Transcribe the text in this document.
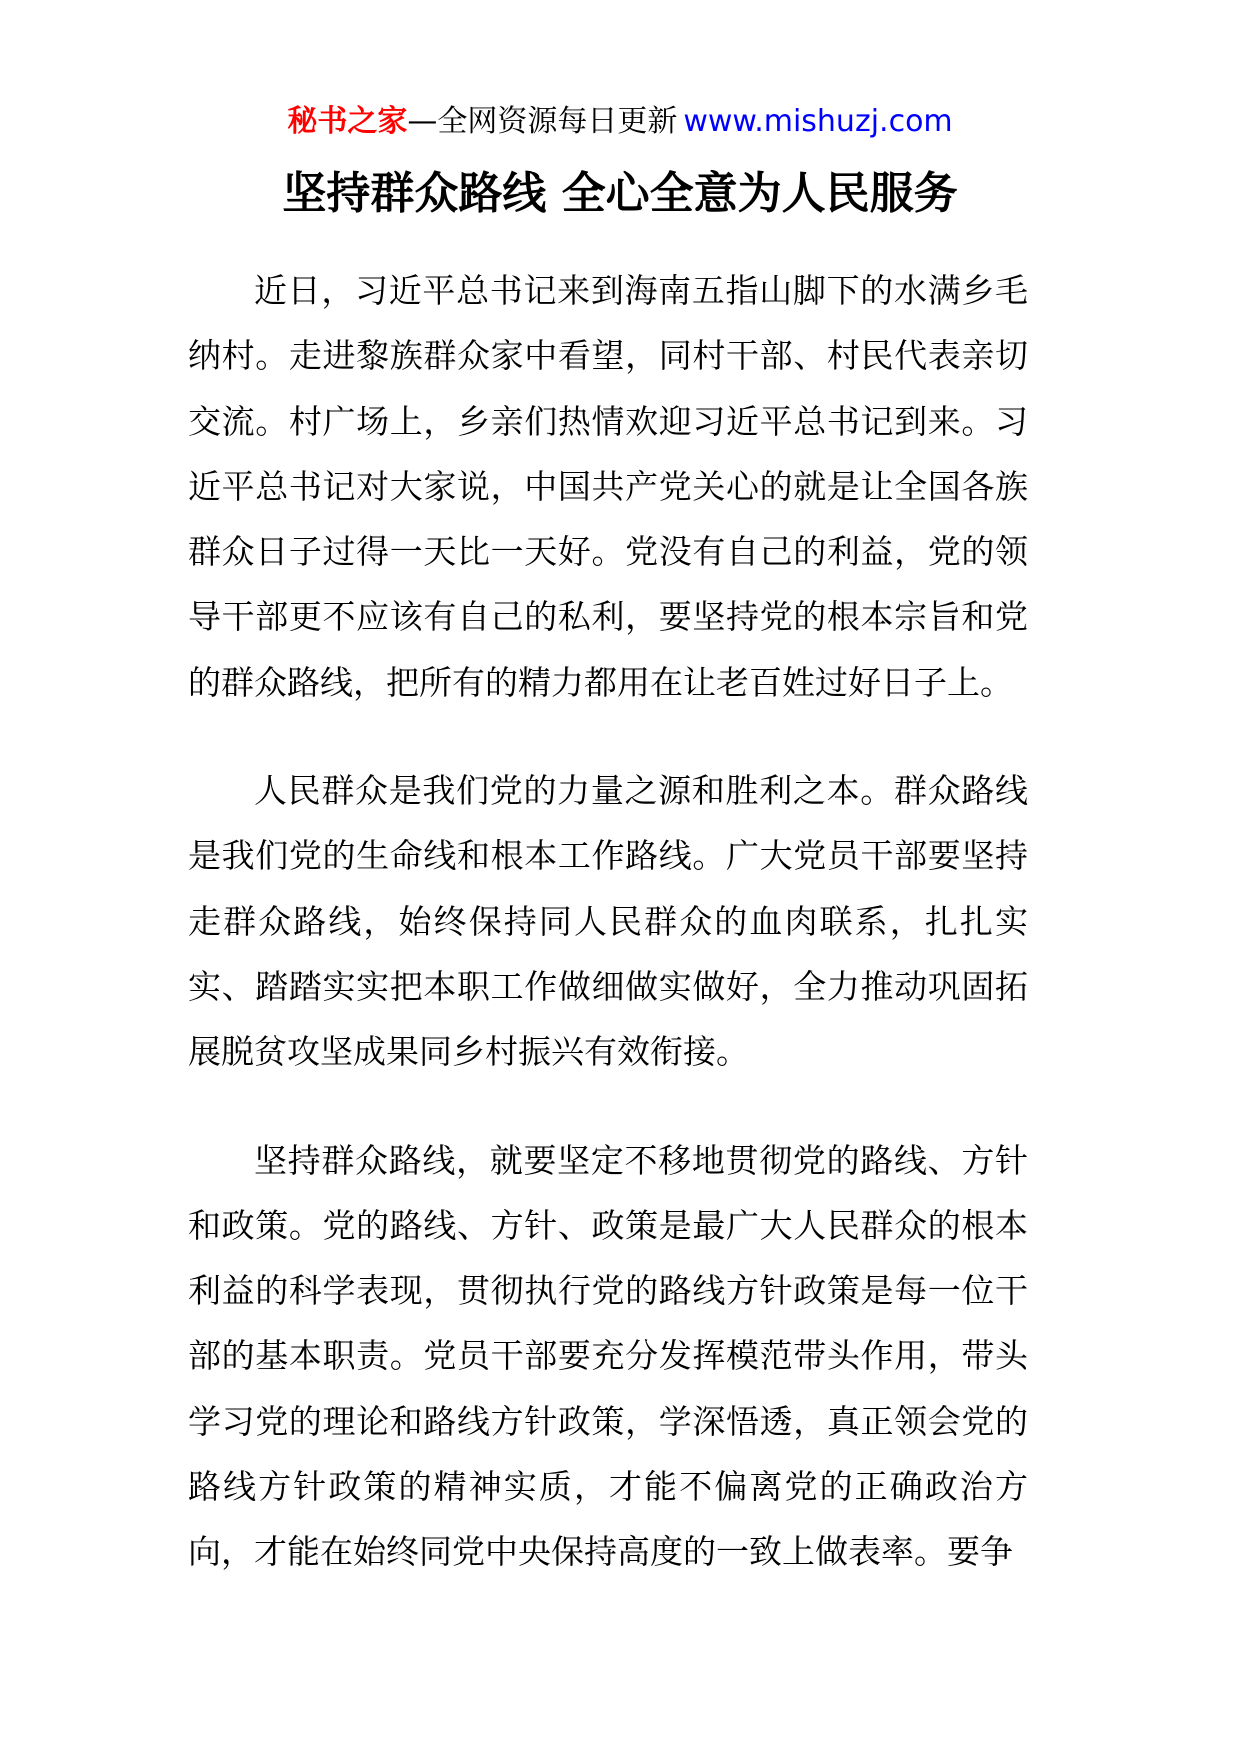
秘书之家—全网资源每日更新 www.mishuzj.com
坚持群众路线 全心全意为人民服务

近日，习近平总书记来到海南五指山脚下的水满乡毛纳村。走进黎族群众家中看望，同村干部、村民代表亲切交流。村广场上，乡亲们热情欢迎习近平总书记到来。习近平总书记对大家说，中国共产党关心的就是让全国各族群众日子过得一天比一天好。党没有自己的利益，党的领导干部更不应该有自己的私利，要坚持党的根本宗旨和党的群众路线，把所有的精力都用在让老百姓过好日子上。

人民群众是我们党的力量之源和胜利之本。群众路线是我们党的生命线和根本工作路线。广大党员干部要坚持走群众路线，始终保持同人民群众的血肉联系，扎扎实实、踏踏实实把本职工作做细做实做好，全力推动巩固拓展脱贫攻坚成果同乡村振兴有效衔接。

坚持群众路线，就要坚定不移地贯彻党的路线、方针和政策。党的路线、方针、政策是最广大人民群众的根本利益的科学表现，贯彻执行党的路线方针政策是每一位干部的基本职责。党员干部要充分发挥模范带头作用，带头学习党的理论和路线方针政策，学深悟透，真正领会党的路线方针政策的精神实质，才能不偏离党的正确政治方向，才能在始终同党中央保持高度的一致上做表率。要争
